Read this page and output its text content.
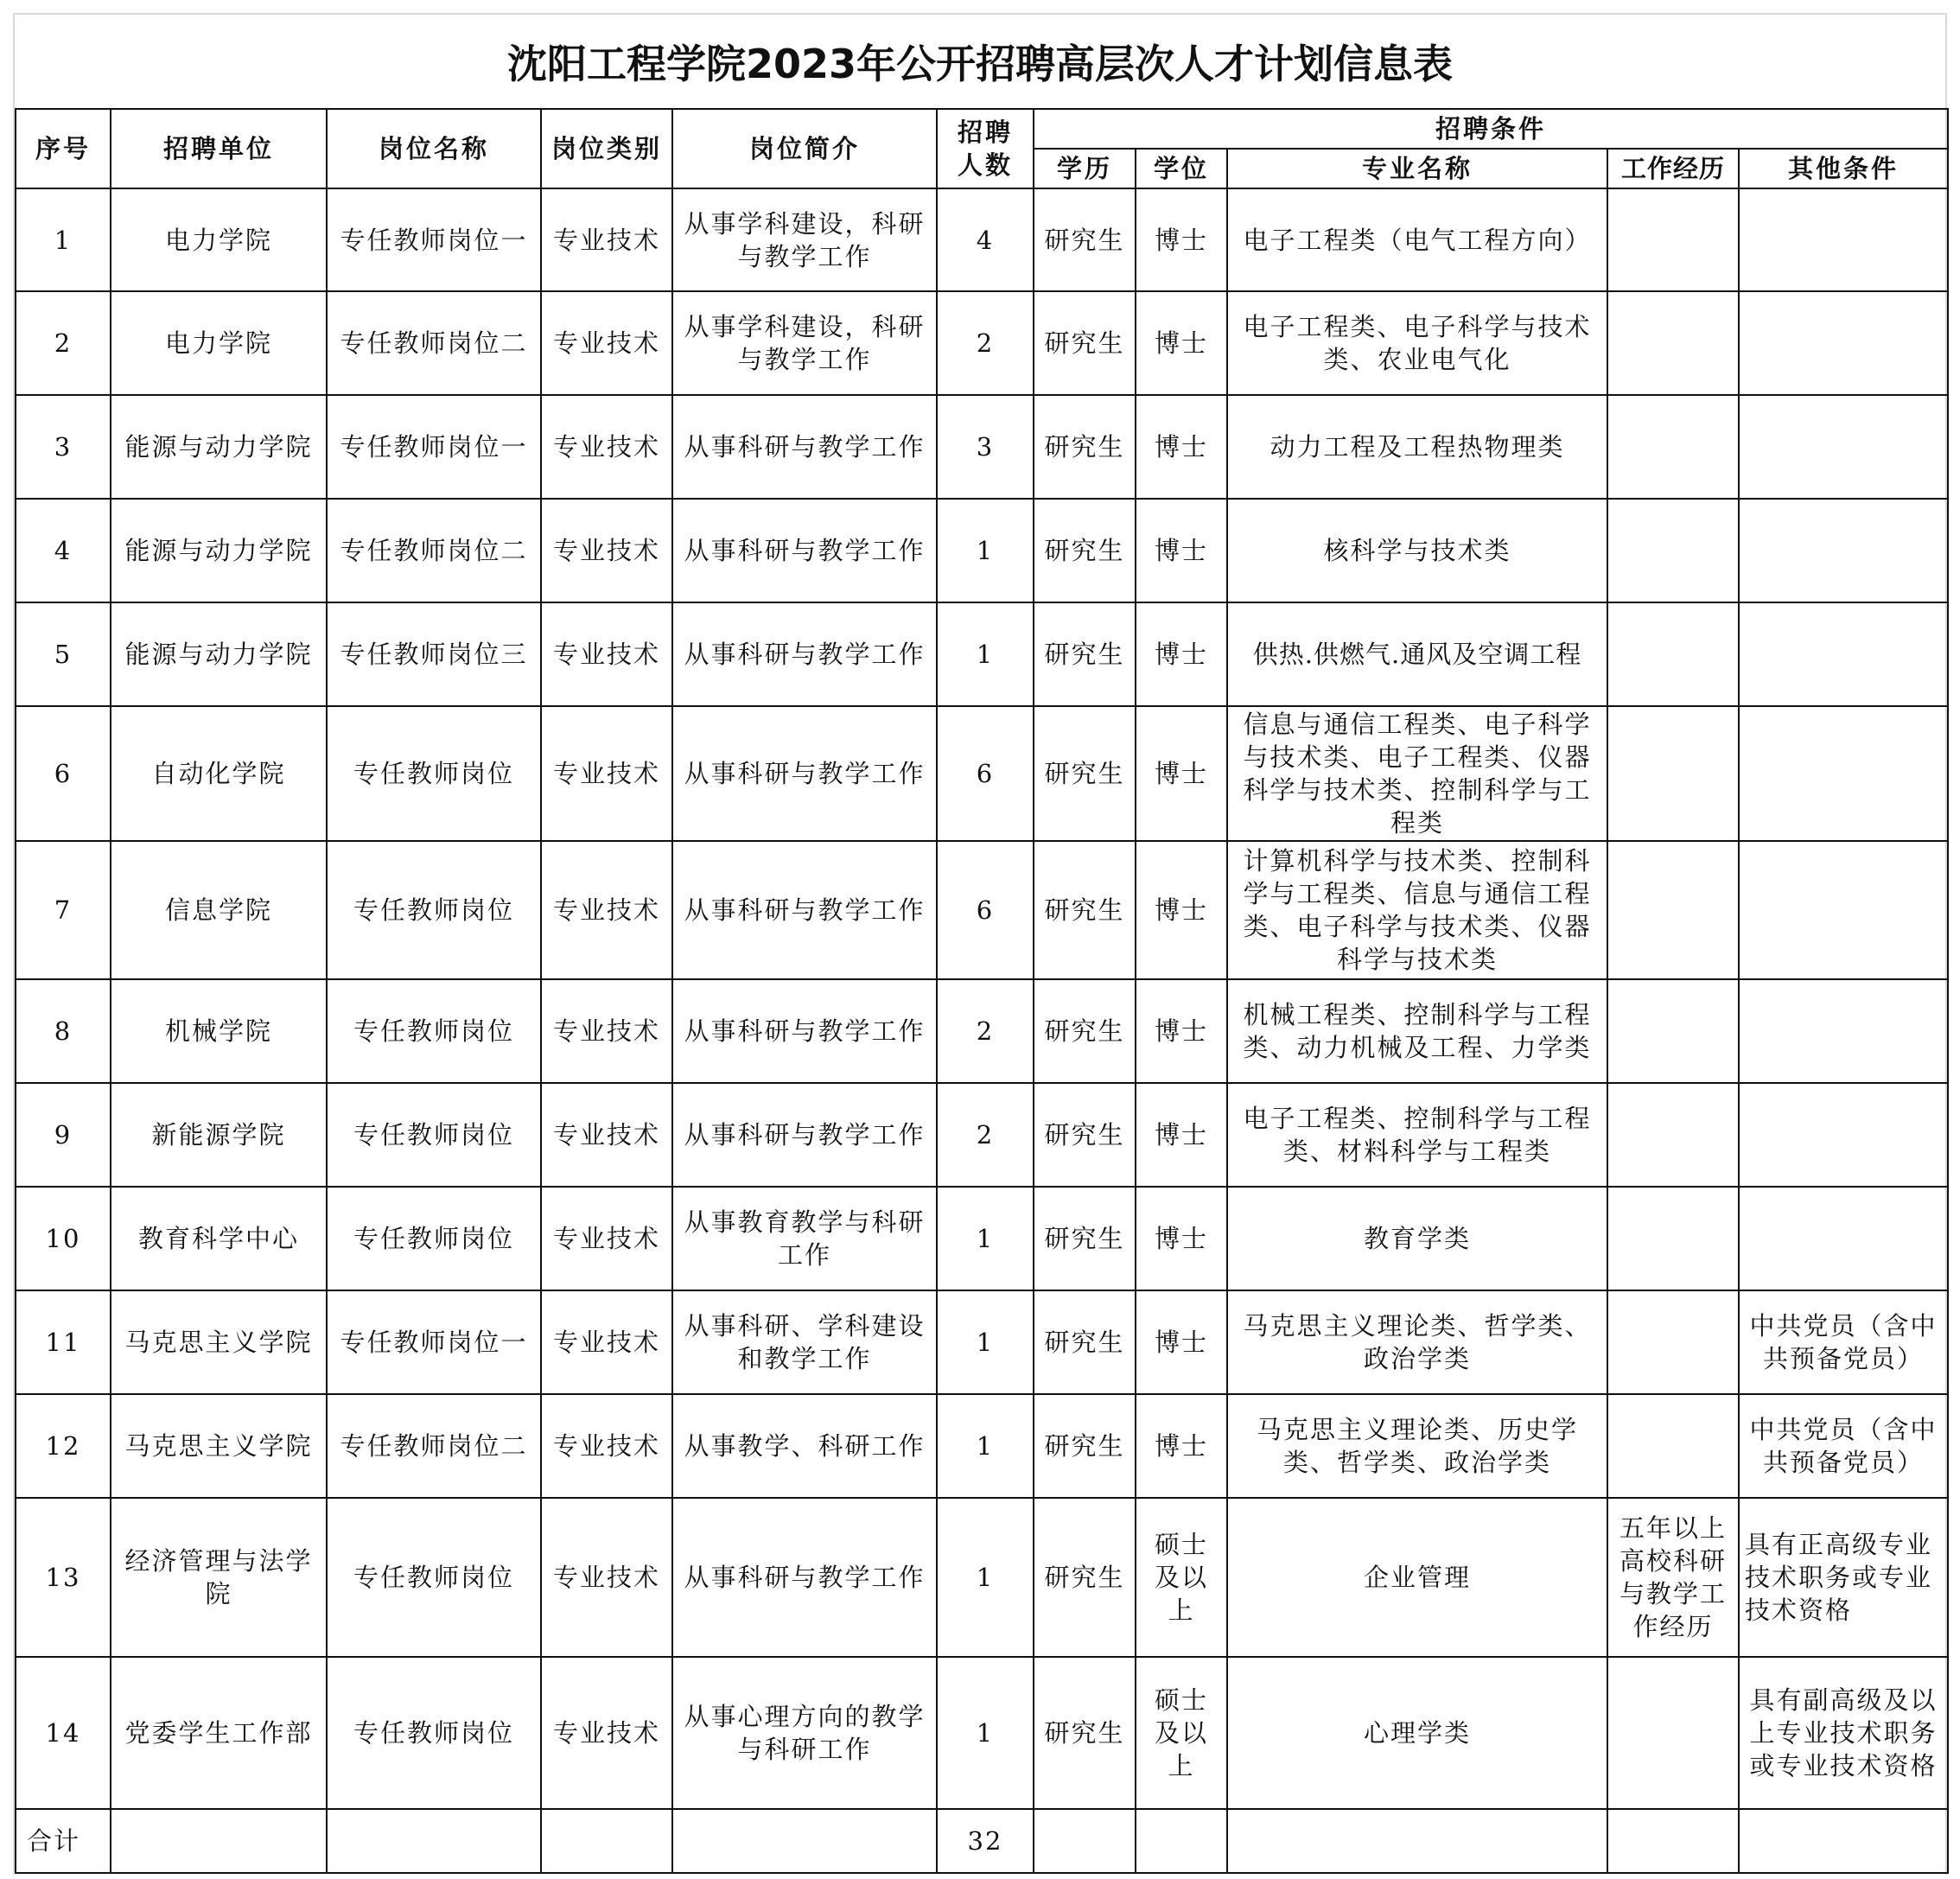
沈阳工程学院2023年公开招聘高层次人才计划信息表
序号	招聘单位	岗位名称	岗位类别	岗位简介	招聘人数	招聘条件				
						学历	学位	专业名称	工作经历	其他条件
1	电力学院	专任教师岗位一	专业技术	从事学科建设，科研与教学工作	4	研究生	博士	电子工程类（电气工程方向）		
2	电力学院	专任教师岗位二	专业技术	从事学科建设，科研与教学工作	2	研究生	博士	电子工程类、电子科学与技术类、农业电气化		
3	能源与动力学院	专任教师岗位一	专业技术	从事科研与教学工作	3	研究生	博士	动力工程及工程热物理类		
4	能源与动力学院	专任教师岗位二	专业技术	从事科研与教学工作	1	研究生	博士	核科学与技术类		
5	能源与动力学院	专任教师岗位三	专业技术	从事科研与教学工作	1	研究生	博士	供热.供燃气.通风及空调工程		
6	自动化学院	专任教师岗位	专业技术	从事科研与教学工作	6	研究生	博士	信息与通信工程类、电子科学与技术类、电子工程类、仪器科学与技术类、控制科学与工程类		
7	信息学院	专任教师岗位	专业技术	从事科研与教学工作	6	研究生	博士	计算机科学与技术类、控制科学与工程类、信息与通信工程类、电子科学与技术类、仪器科学与技术类		
8	机械学院	专任教师岗位	专业技术	从事科研与教学工作	2	研究生	博士	机械工程类、控制科学与工程类、动力机械及工程、力学类		
9	新能源学院	专任教师岗位	专业技术	从事科研与教学工作	2	研究生	博士	电子工程类、控制科学与工程类、材料科学与工程类		
10	教育科学中心	专任教师岗位	专业技术	从事教育教学与科研工作	1	研究生	博士	教育学类		
11	马克思主义学院	专任教师岗位一	专业技术	从事科研、学科建设和教学工作	1	研究生	博士	马克思主义理论类、哲学类、政治学类		中共党员（含中共预备党员）
12	马克思主义学院	专任教师岗位二	专业技术	从事教学、科研工作	1	研究生	博士	马克思主义理论类、历史学类、哲学类、政治学类		中共党员（含中共预备党员）
13	经济管理与法学院	专任教师岗位	专业技术	从事科研与教学工作	1	研究生	硕士及以上	企业管理	五年以上高校科研与教学工作经历	具有正高级专业技术职务或专业技术资格
14	党委学生工作部	专任教师岗位	专业技术	从事心理方向的教学与科研工作	1	研究生	硕士及以上	心理学类		具有副高级及以上专业技术职务或专业技术资格
合计					32					
